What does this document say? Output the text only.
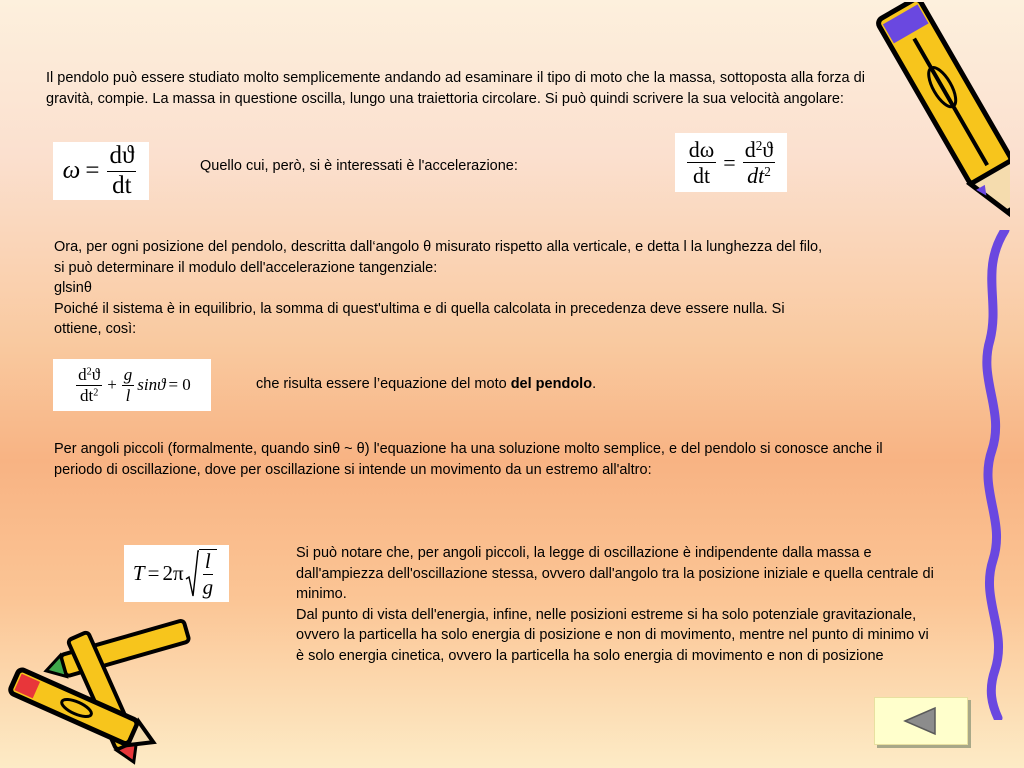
Il pendolo può essere studiato molto semplicemente andando ad esaminare il tipo di moto che la massa, sottoposta alla forza di gravità, compie. La massa in questione oscilla, lungo una traiettoria circolare. Si può quindi scrivere la sua velocità angolare:

$\omega = \frac{dϑ}{dt}$	Quello cui, però, si è interessati è l'accelerazione:	$\frac{d\omega}{dt} = \frac{d^2ϑ}{dt^2}$
Ora, per ogni posizione del pendolo, descritta dall‘angolo θ misurato rispetto alla verticale, e detta l la lunghezza del filo, si può determinare il modulo dell'accelerazione tangenziale:
glsinθ
Poiché il sistema è in equilibrio, la somma di quest'ultima e di quella calcolata in precedenza deve essere nulla. Si ottiene, così:
$\frac{d^2ϑ}{dt^2} + \frac{g}{l}$ sinϑ = 0	che risulta essere l’equazione del moto del pendolo.

Per angoli piccoli (formalmente, quando sinθ ~ θ) l'equazione ha una soluzione molto semplice, e del pendolo si conosce anche il periodo di oscillazione, dove per oscillazione si intende un movimento da un estremo all'altro:

$T = 2\pi \frac{l}{g}$	Si può notare che, per angoli piccoli, la legge di oscillazione è indipendente dalla massa e dall'ampiezza dell'oscillazione stessa, ovvero dall'angolo tra la posizione iniziale e quella centrale di minimo.
Dal punto di vista dell'energia, infine, nelle posizioni estreme si ha solo potenziale gravitazionale, ovvero la particella ha solo energia di posizione e non di movimento, mentre nel punto di minimo vi è solo energia cinetica, ovvero la particella ha solo energia di movimento e non di posizione
